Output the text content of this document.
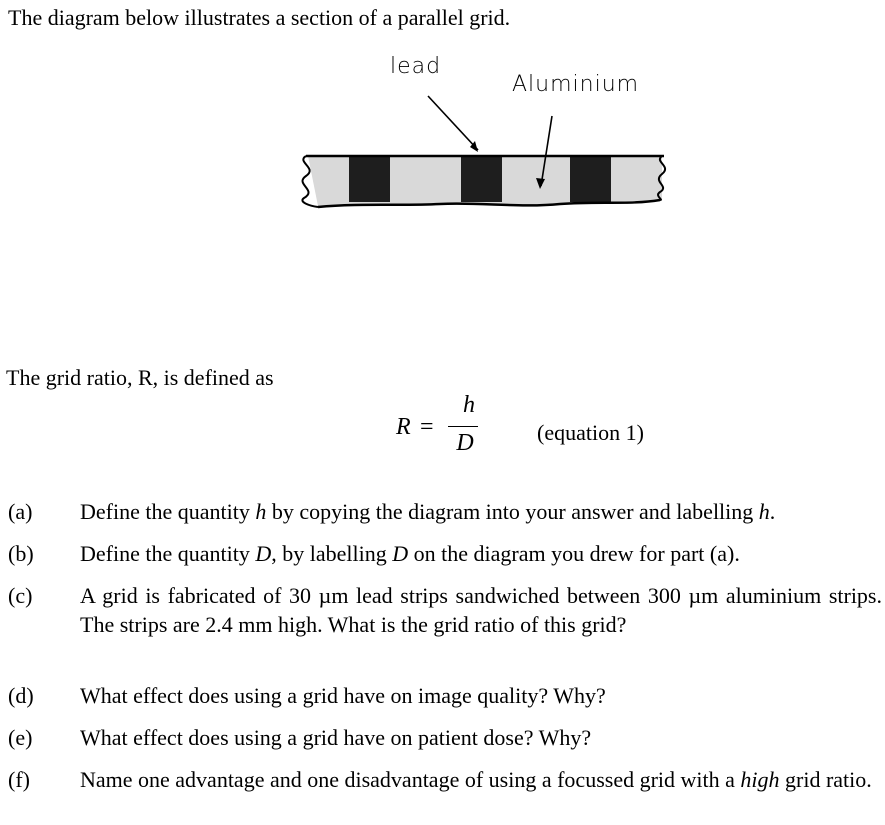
The diagram below illustrates a section of a parallel grid.
lead
Aluminium
The grid ratio, R, is defined as
R =
h
D	(equation 1)
(a) Define the quantity h by copying the diagram into your answer and labelling h.
(b) Define the quantity D, by labelling D on the diagram you drew for part (a).
(c) A grid is fabricated of 30 µm lead strips sandwiched between 300 µm aluminium strips. The strips are 2.4 mm high. What is the grid ratio of this grid?
(d) What effect does using a grid have on image quality? Why?
(e) What effect does using a grid have on patient dose? Why?
(f) Name one advantage and one disadvantage of using a focussed grid with a high grid ratio.
